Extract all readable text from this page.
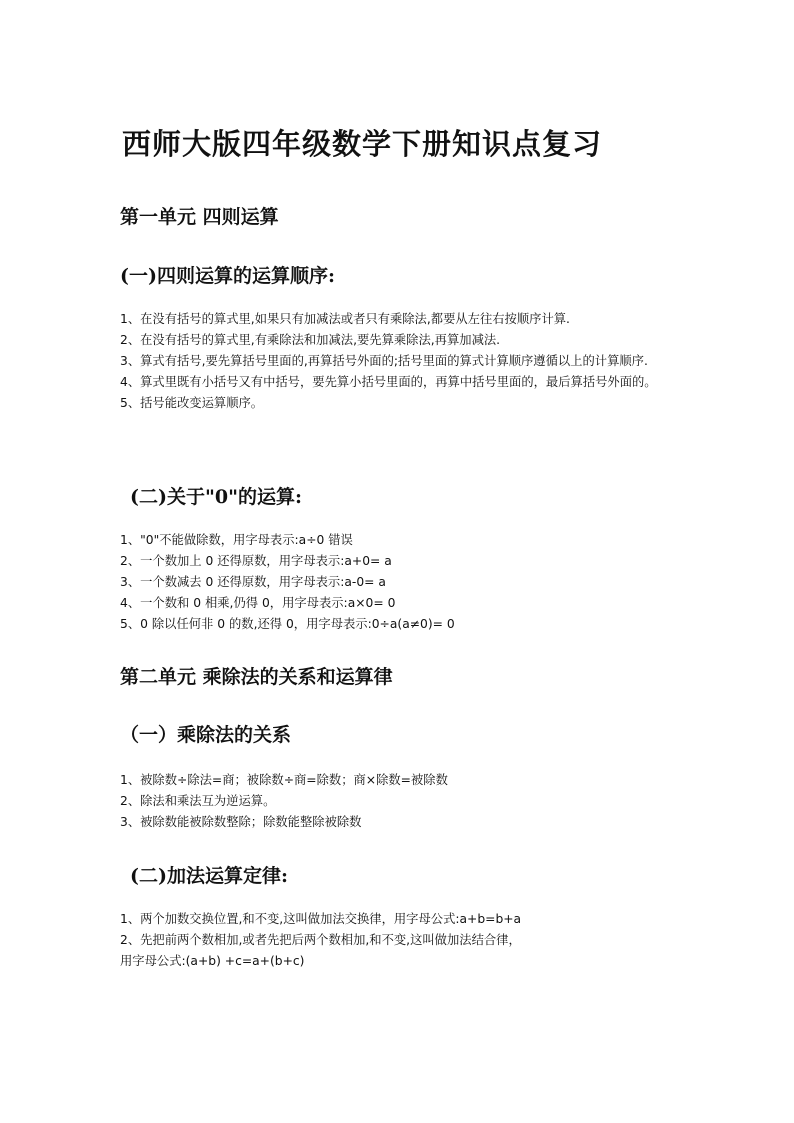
西师大版四年级数学下册知识点复习
第一单元 四则运算
(一)四则运算的运算顺序:
1、在没有括号的算式里,如果只有加减法或者只有乘除法,都要从左往右按顺序计算.
2、在没有括号的算式里,有乘除法和加减法,要先算乘除法,再算加减法.
3、算式有括号,要先算括号里面的,再算括号外面的;括号里面的算式计算顺序遵循以上的计算顺序.
4、算式里既有小括号又有中括号，要先算小括号里面的，再算中括号里面的，最后算括号外面的。
5、括号能改变运算顺序。
(二)关于"0"的运算:
1、"0"不能做除数，用字母表示:a÷0 错误
2、一个数加上 0 还得原数，用字母表示:a+0= a
3、一个数减去 0 还得原数，用字母表示:a-0= a
4、一个数和 0 相乘,仍得 0，用字母表示:a×0= 0
5、0 除以任何非 0 的数,还得 0，用字母表示:0÷a(a≠0)= 0
第二单元 乘除法的关系和运算律
（一）乘除法的关系
1、被除数÷除法=商；被除数÷商=除数；商×除数=被除数
2、除法和乘法互为逆运算。
3、被除数能被除数整除；除数能整除被除数
(二)加法运算定律:
1、两个加数交换位置,和不变,这叫做加法交换律，用字母公式:a+b=b+a
2、先把前两个数相加,或者先把后两个数相加,和不变,这叫做加法结合律，
用字母公式:(a+b) +c=a+(b+c)
